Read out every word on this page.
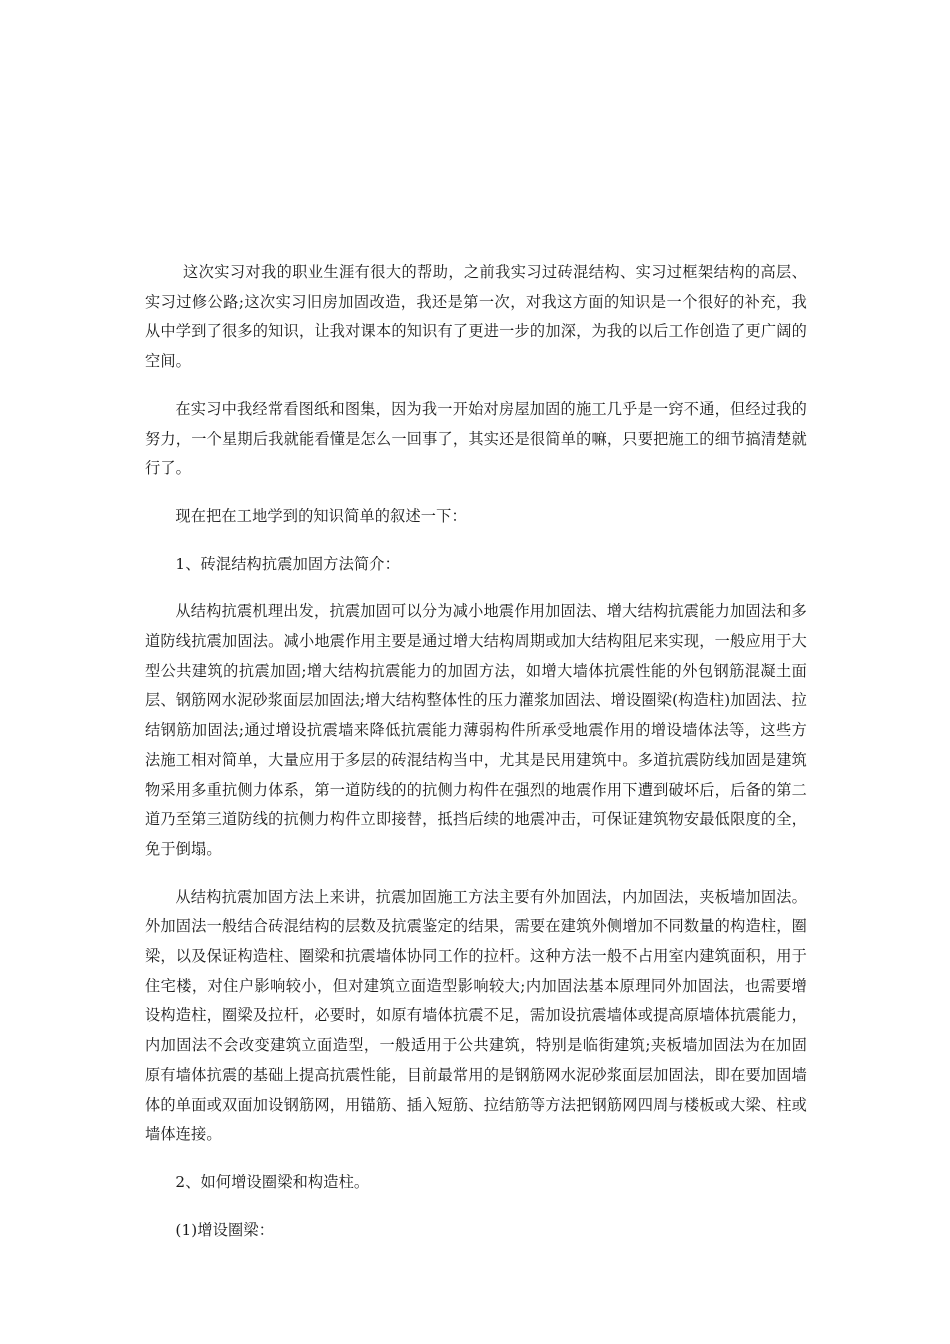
这次实习对我的职业生涯有很大的帮助，之前我实习过砖混结构、实习过框架结构的高层、实习过修公路;这次实习旧房加固改造，我还是第一次，对我这方面的知识是一个很好的补充，我从中学到了很多的知识，让我对课本的知识有了更进一步的加深，为我的以后工作创造了更广阔的空间。

在实习中我经常看图纸和图集，因为我一开始对房屋加固的施工几乎是一窍不通，但经过我的努力，一个星期后我就能看懂是怎么一回事了，其实还是很简单的嘛，只要把施工的细节搞清楚就行了。

现在把在工地学到的知识简单的叙述一下：

1、砖混结构抗震加固方法简介：

从结构抗震机理出发，抗震加固可以分为减小地震作用加固法、增大结构抗震能力加固法和多道防线抗震加固法。减小地震作用主要是通过增大结构周期或加大结构阻尼来实现，一般应用于大型公共建筑的抗震加固;增大结构抗震能力的加固方法，如增大墙体抗震性能的外包钢筋混凝土面层、钢筋网水泥砂浆面层加固法;增大结构整体性的压力灌浆加固法、增设圈梁(构造柱)加固法、拉结钢筋加固法;通过增设抗震墙来降低抗震能力薄弱构件所承受地震作用的增设墙体法等，这些方法施工相对简单，大量应用于多层的砖混结构当中，尤其是民用建筑中。多道抗震防线加固是建筑物采用多重抗侧力体系，第一道防线的的抗侧力构件在强烈的地震作用下遭到破坏后，后备的第二道乃至第三道防线的抗侧力构件立即接替，抵挡后续的地震冲击，可保证建筑物安最低限度的全，免于倒塌。

从结构抗震加固方法上来讲，抗震加固施工方法主要有外加固法，内加固法，夹板墙加固法。外加固法一般结合砖混结构的层数及抗震鉴定的结果，需要在建筑外侧增加不同数量的构造柱，圈梁，以及保证构造柱、圈梁和抗震墙体协同工作的拉杆。这种方法一般不占用室内建筑面积，用于住宅楼，对住户影响较小，但对建筑立面造型影响较大;内加固法基本原理同外加固法，也需要增设构造柱，圈梁及拉杆，必要时，如原有墙体抗震不足，需加设抗震墙体或提高原墙体抗震能力，内加固法不会改变建筑立面造型，一般适用于公共建筑，特别是临街建筑;夹板墙加固法为在加固原有墙体抗震的基础上提高抗震性能，目前最常用的是钢筋网水泥砂浆面层加固法，即在要加固墙体的单面或双面加设钢筋网，用锚筋、插入短筋、拉结筋等方法把钢筋网四周与楼板或大梁、柱或墙体连接。

2、如何增设圈梁和构造柱。

(1)增设圈梁：
